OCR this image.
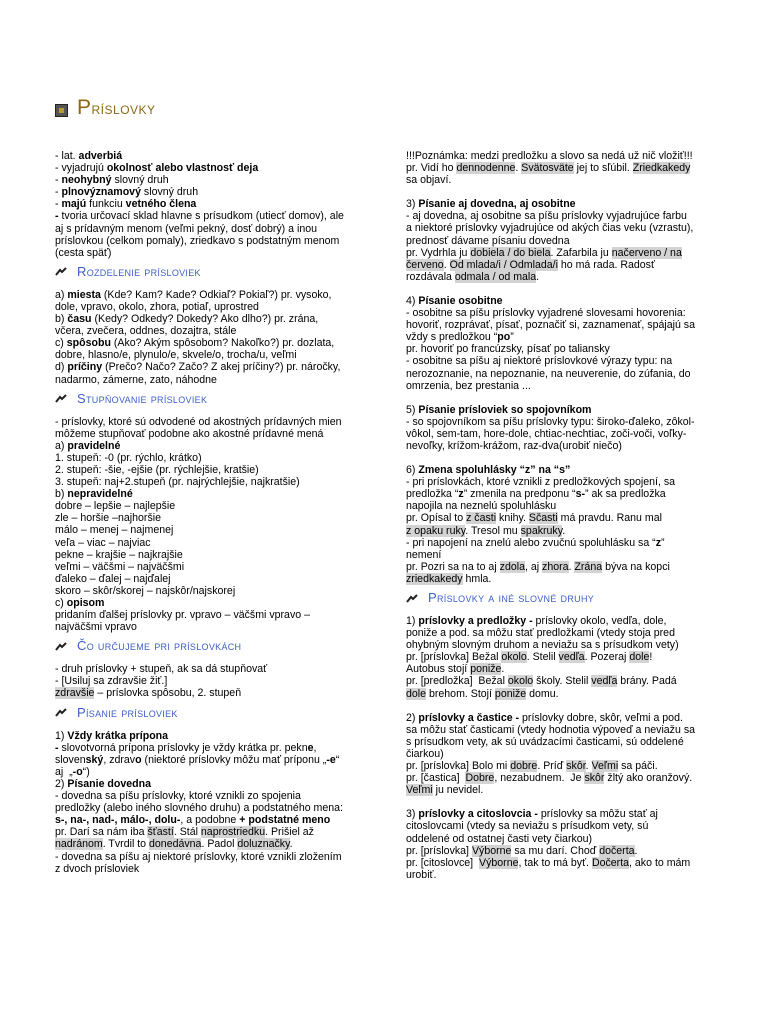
Príslovky
- lat. adverbiá
- vyjadrujú okolnosť alebo vlastnosť deja
- neohybný slovný druh
- plnovýznamový slovný druh
- majú funkciu vetného člena
- tvoria určovací sklad hlavne s prísudkom (utiecť domov), ale
aj s prídavným menom (veľmi pekný, dosť dobrý) a inou
príslovkou (celkom pomaly), zriedkavo s podstatným menom
(cesta späť)
Rozdelenie prísloviek
a) miesta (Kde? Kam? Kade? Odkiaľ? Pokiaľ?) pr. vysoko,
dole, vpravo, okolo, zhora, potiaľ, uprostred
b) času (Kedy? Odkedy? Dokedy? Ako dlho?) pr. zrána,
včera, zvečera, oddnes, dozajtra, stále
c) spôsobu (Ako? Akým spôsobom? Nakoľko?) pr. dozlata,
dobre, hlasno/e, plynulo/e, skvele/o, trocha/u, veľmi
d) príčiny (Prečo? Načo? Začo? Z akej príčiny?) pr. náročky,
nadarmo, zámerne, zato, náhodne
Stupňovanie prísloviek
- príslovky, ktoré sú odvodené od akostných prídavných mien
môžeme stupňovať podobne ako akostné prídavné mená
a) pravidelné
1. stupeň: -0 (pr. rýchlo, krátko)
2. stupeň: -šie, -ejšie (pr. rýchlejšie, kratšie)
3. stupeň: naj+2.stupeň (pr. najrýchlejšie, najkratšie)
b) nepravidelné
dobre – lepšie – najlepšie
zle – horšie –najhoršie
málo – menej – najmenej
veľa – viac – najviac
pekne – krajšie – najkrajšie
veľmi – väčšmi – najväčšmi
ďaleko – ďalej – najďalej
skoro – skôr/skorej – najskôr/najskorej
c) opisom
pridaním ďalšej príslovky pr. vpravo – väčšmi vpravo –
najväčšmi vpravo
Čo určujeme pri príslovkách
- druh príslovky + stupeň, ak sa dá stupňovať
- [Usiluj sa zdravšie žiť.]
zdravšie – príslovka spôsobu, 2. stupeň
Písanie prísloviek
1) Vždy krátka prípona
- slovotvorná prípona príslovky je vždy krátka pr. pekne,
slovenský, zdravo (niektoré príslovky môžu mať príponu „-e“
aj  „-o“)
2) Písanie dovedna
- dovedna sa píšu príslovky, ktoré vznikli zo spojenia
predložky (alebo iného slovného druhu) a podstatného mena:
s-, na-, nad-, málo-, dolu-, a podobne + podstatné meno
pr. Darí sa nám iba šťastí. Stál naprostriedku. Prišiel až
nadránom. Tvrdil to donedávna. Padol doluznačky.
- dovedna sa píšu aj niektoré príslovky, ktoré vznikli zložením
z dvoch prísloviek
!!!Poznámka: medzi predložku a slovo sa nedá už nič vložiť!!!
pr. Vidí ho dennodenne. Svätosväte jej to sľúbil. Zriedkakedy
sa objaví.
3) Písanie aj dovedna, aj osobitne
- aj dovedna, aj osobitne sa píšu príslovky vyjadrujúce farbu
a niektoré príslovky vyjadrujúce od akých čias veku (vzrastu),
prednosť dávame písaniu dovedna
pr. Vydrhla ju dobiela / do biela. Zafarbila ju načerveno / na
červeno. Od mlada/i / Odmlada/i ho má rada. Radosť
rozdávala odmala / od mala.
4) Písanie osobitne
- osobitne sa píšu príslovky vyjadrené slovesami hovorenia:
hovoriť, rozprávať, písať, poznačiť si, zaznamenať, spájajú sa
vždy s predložkou “po”
pr. hovoriť po francúzsky, písať po taliansky
- osobitne sa píšu aj niektoré príslovkové výrazy typu: na
nerozoznanie, na nepoznanie, na neuverenie, do zúfania, do
omrzenia, bez prestania ...
5) Písanie prísloviek so spojovníkom
- so spojovníkom sa píšu príslovky typu: široko-ďaleko, zôkol-
vôkol, sem-tam, hore-dole, chtiac-nechtiac, zoči-voči, voľky-
nevoľky, krížom-krážom, raz-dva(urobiť niečo)
6) Zmena spoluhlásky “z” na “s”
- pri príslovkách, ktoré vznikli z predložkových spojení, sa
predložka “z” zmenila na predponu “s-” ak sa predložka
napojila na neznelú spoluhlásku
pr. Opísal to z časti knihy. Sčasti má pravdu. Ranu mal
z opaku ruky. Tresol mu spakruky.
- pri napojení na znelú alebo zvučnú spoluhlásku sa “z”
nemení
pr. Pozri sa na to aj zdola, aj zhora. Zrána býva na kopci
zriedkakedy hmla.
Príslovky a iné slovné druhy
1) príslovky a predložky - príslovky okolo, vedľa, dole,
poniže a pod. sa môžu stať predložkami (vtedy stoja pred
ohybným slovným druhom a neviažu sa s prísudkom vety)
pr. [príslovka] Bežal okolo. Stelil vedľa. Pozeraj dole!
Autobus stojí poniže.
pr. [predložka]  Bežal okolo školy. Stelil vedľa brány. Padá
dole brehom. Stojí poniže domu.
2) príslovky a častice - príslovky dobre, skôr, veľmi a pod.
sa môžu stať časticami (vtedy hodnotia výpoveď a neviažu sa
s prísudkom vety, ak sú uvádzacími časticami, sú oddelené
čiarkou)
pr. [príslovka] Bolo mi dobre. Príď skôr. Veľmi sa páči.
pr. [častica]  Dobre, nezabudnem.  Je skôr žltý ako oranžový.
Veľmi ju nevidel.
3) príslovky a citoslovcia - príslovky sa môžu stať aj
citoslovcami (vtedy sa neviažu s prísudkom vety, sú
oddelené od ostatnej časti vety čiarkou)
pr. [príslovka] Výborne sa mu darí. Choď dočerta.
pr. [citoslovce]  Výborne, tak to má byť. Dočerta, ako to mám
urobiť.
